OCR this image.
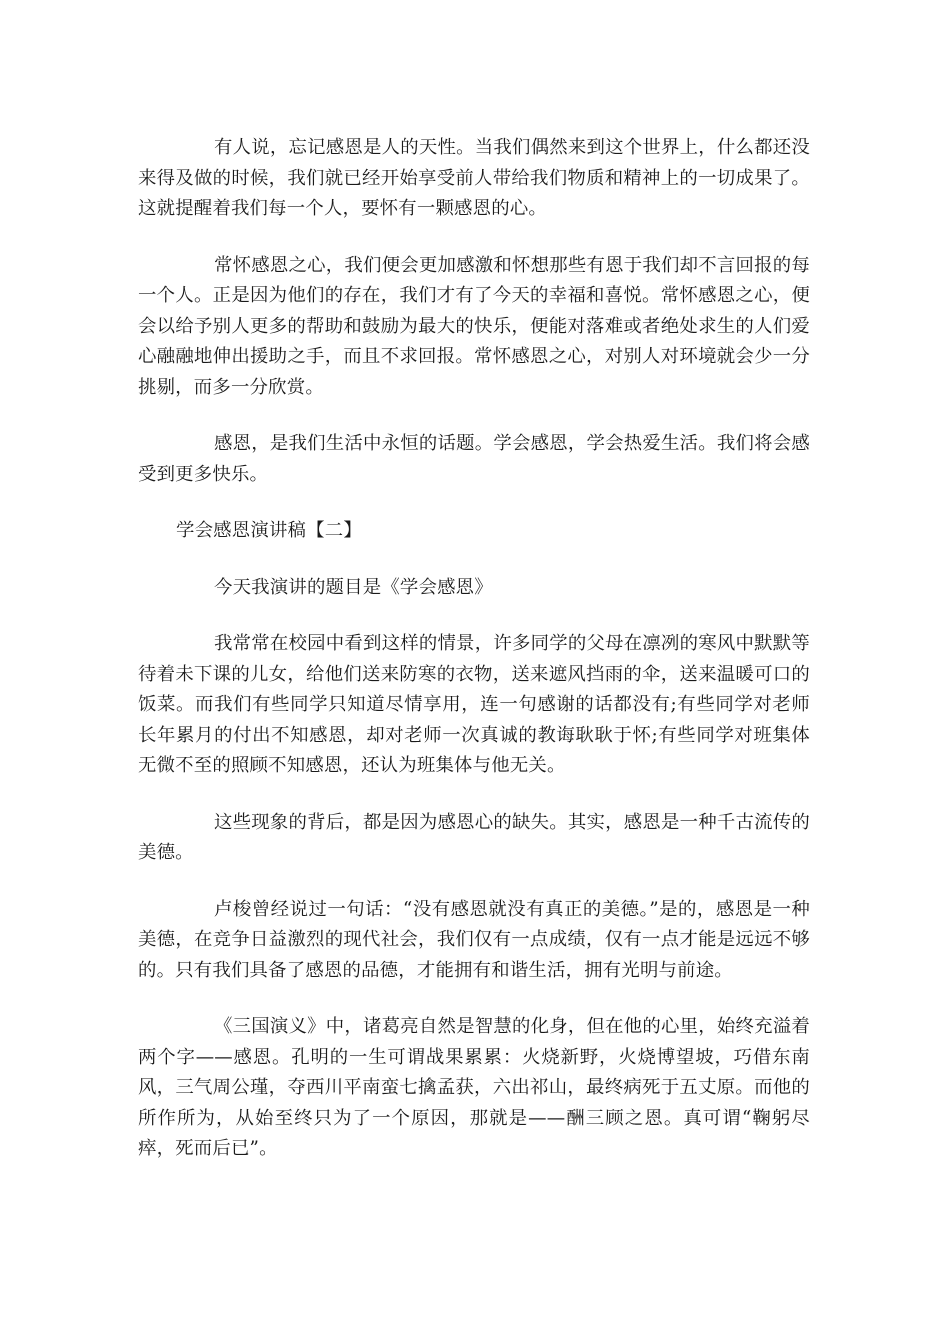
有人说，忘记感恩是人的天性。当我们偶然来到这个世界上，什么都还没来得及做的时候，我们就已经开始享受前人带给我们物质和精神上的一切成果了。这就提醒着我们每一个人，要怀有一颗感恩的心。

常怀感恩之心，我们便会更加感激和怀想那些有恩于我们却不言回报的每一个人。正是因为他们的存在，我们才有了今天的幸福和喜悦。常怀感恩之心，便会以给予别人更多的帮助和鼓励为最大的快乐，便能对落难或者绝处求生的人们爱心融融地伸出援助之手，而且不求回报。常怀感恩之心，对别人对环境就会少一分挑剔，而多一分欣赏。

感恩，是我们生活中永恒的话题。学会感恩，学会热爱生活。我们将会感受到更多快乐。

学会感恩演讲稿【二】

今天我演讲的题目是《学会感恩》

我常常在校园中看到这样的情景，许多同学的父母在凛冽的寒风中默默等待着未下课的儿女，给他们送来防寒的衣物，送来遮风挡雨的伞，送来温暖可口的饭菜。而我们有些同学只知道尽情享用，连一句感谢的话都没有;有些同学对老师长年累月的付出不知感恩，却对老师一次真诚的教诲耿耿于怀;有些同学对班集体无微不至的照顾不知感恩，还认为班集体与他无关。

这些现象的背后，都是因为感恩心的缺失。其实，感恩是一种千古流传的美德。

卢梭曾经说过一句话：“没有感恩就没有真正的美德。”是的，感恩是一种美德，在竞争日益激烈的现代社会，我们仅有一点成绩，仅有一点才能是远远不够的。只有我们具备了感恩的品德，才能拥有和谐生活，拥有光明与前途。

《三国演义》中，诸葛亮自然是智慧的化身，但在他的心里，始终充溢着两个字——感恩。孔明的一生可谓战果累累：火烧新野，火烧博望坡，巧借东南风，三气周公瑾，夺西川平南蛮七擒孟获，六出祁山，最终病死于五丈原。而他的所作所为，从始至终只为了一个原因，那就是——酬三顾之恩。真可谓“鞠躬尽瘁，死而后已”。
